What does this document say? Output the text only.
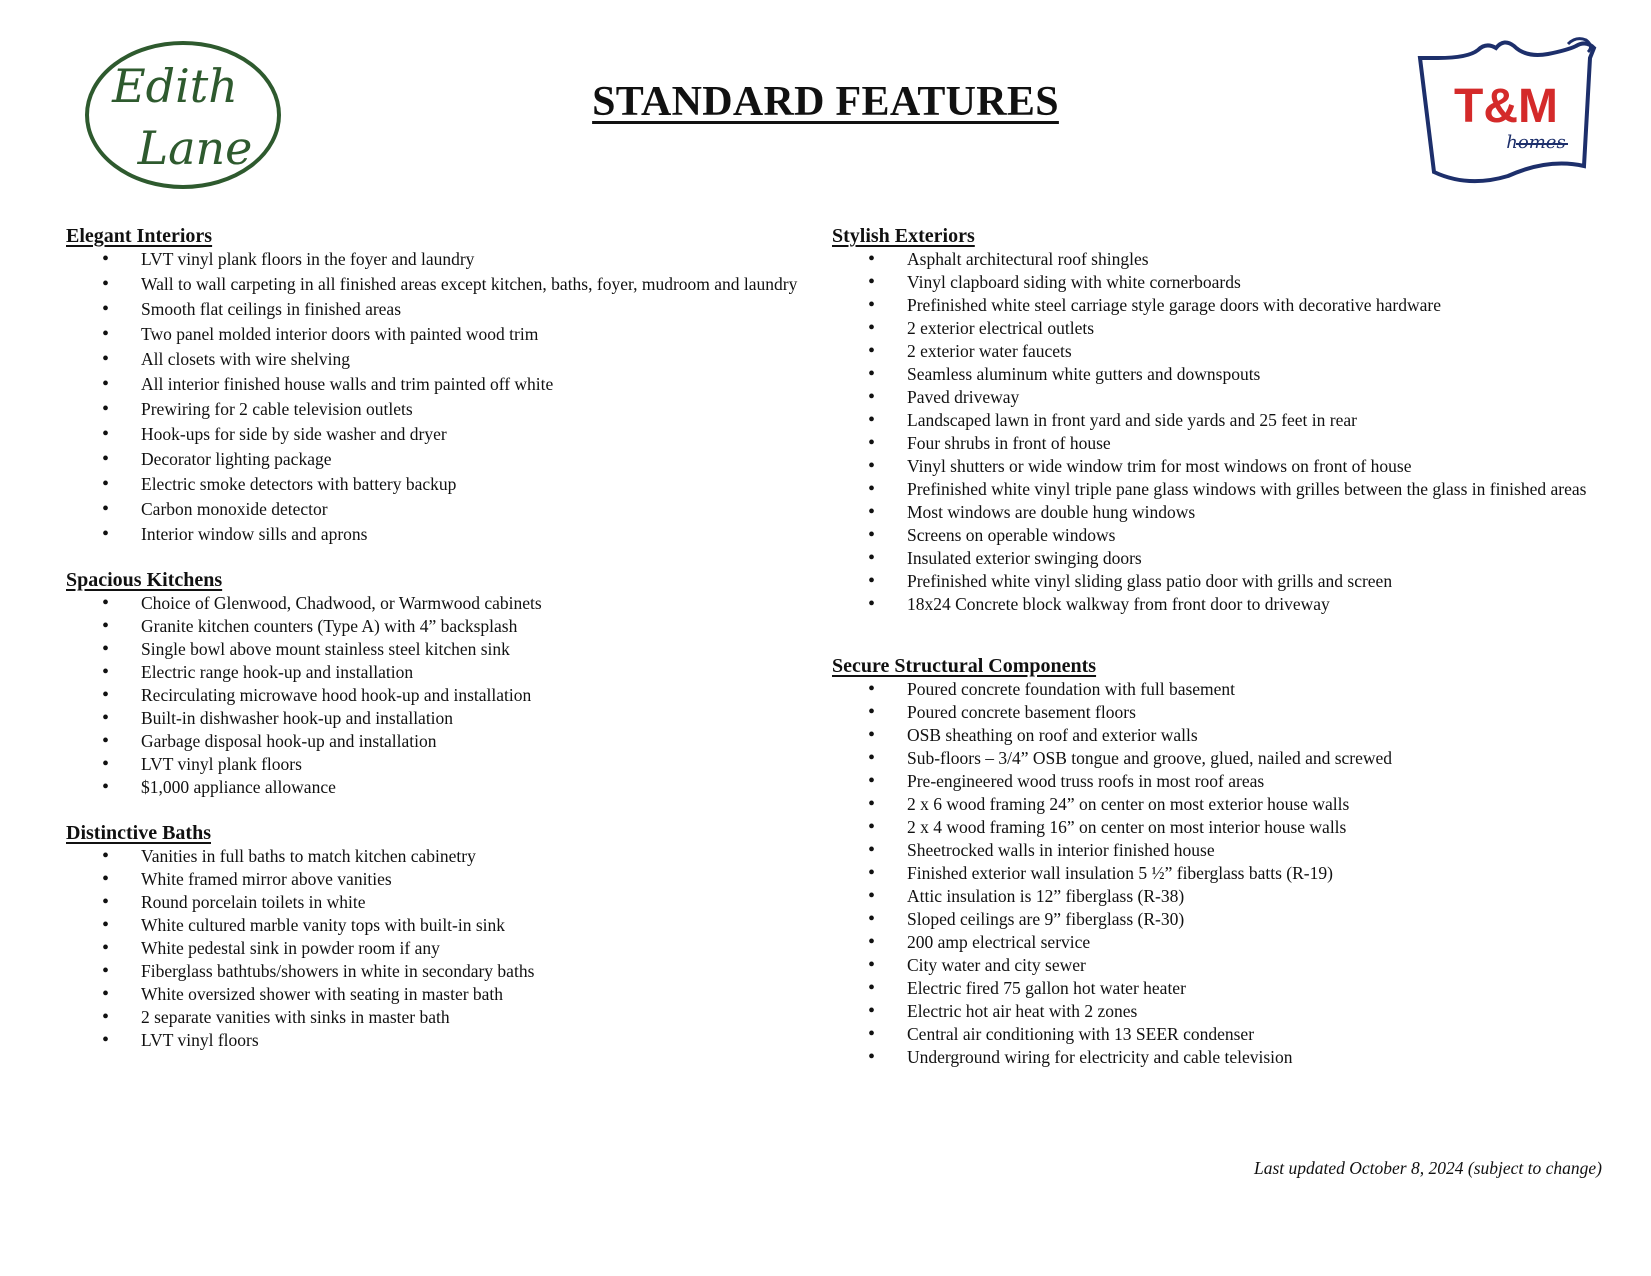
Edith
Lane
T&M
homes
STANDARD FEATURES
Elegant Interiors
• LVT vinyl plank floors in the foyer and laundry
• Wall to wall carpeting in all finished areas except kitchen, baths, foyer, mudroom and laundry
• Smooth flat ceilings in finished areas
• Two panel molded interior doors with painted wood trim
• All closets with wire shelving
• All interior finished house walls and trim painted off white
• Prewiring for 2 cable television outlets
• Hook-ups for side by side washer and dryer
• Decorator lighting package
• Electric smoke detectors with battery backup
• Carbon monoxide detector
• Interior window sills and aprons
Spacious Kitchens
• Choice of Glenwood, Chadwood, or Warmwood cabinets
• Granite kitchen counters (Type A) with 4” backsplash
• Single bowl above mount stainless steel kitchen sink
• Electric range hook-up and installation
• Recirculating microwave hood hook-up and installation
• Built-in dishwasher hook-up and installation
• Garbage disposal hook-up and installation
• LVT vinyl plank floors
• $1,000 appliance allowance
Distinctive Baths
• Vanities in full baths to match kitchen cabinetry
• White framed mirror above vanities
• Round porcelain toilets in white
• White cultured marble vanity tops with built-in sink
• White pedestal sink in powder room if any
• Fiberglass bathtubs/showers in white in secondary baths
• White oversized shower with seating in master bath
• 2 separate vanities with sinks in master bath
• LVT vinyl floors
Stylish Exteriors
• Asphalt architectural roof shingles
• Vinyl clapboard siding with white cornerboards
• Prefinished white steel carriage style garage doors with decorative hardware
• 2 exterior electrical outlets
• 2 exterior water faucets
• Seamless aluminum white gutters and downspouts
• Paved driveway
• Landscaped lawn in front yard and side yards and 25 feet in rear
• Four shrubs in front of house
• Vinyl shutters or wide window trim for most windows on front of house
• Prefinished white vinyl triple pane glass windows with grilles between the glass in finished areas
• Most windows are double hung windows
• Screens on operable windows
• Insulated exterior swinging doors
• Prefinished white vinyl sliding glass patio door with grills and screen
• 18x24 Concrete block walkway from front door to driveway
Secure Structural Components
• Poured concrete foundation with full basement
• Poured concrete basement floors
• OSB sheathing on roof and exterior walls
• Sub-floors – 3/4” OSB tongue and groove, glued, nailed and screwed
• Pre-engineered wood truss roofs in most roof areas
• 2 x 6 wood framing 24” on center on most exterior house walls
• 2 x 4 wood framing 16” on center on most interior house walls
• Sheetrocked walls in interior finished house
• Finished exterior wall insulation 5 ½” fiberglass batts (R-19)
• Attic insulation is 12” fiberglass (R-38)
• Sloped ceilings are 9” fiberglass (R-30)
• 200 amp electrical service
• City water and city sewer
• Electric fired 75 gallon hot water heater
• Electric hot air heat with 2 zones
• Central air conditioning with 13 SEER condenser
• Underground wiring for electricity and cable television
Last updated October 8, 2024 (subject to change)
